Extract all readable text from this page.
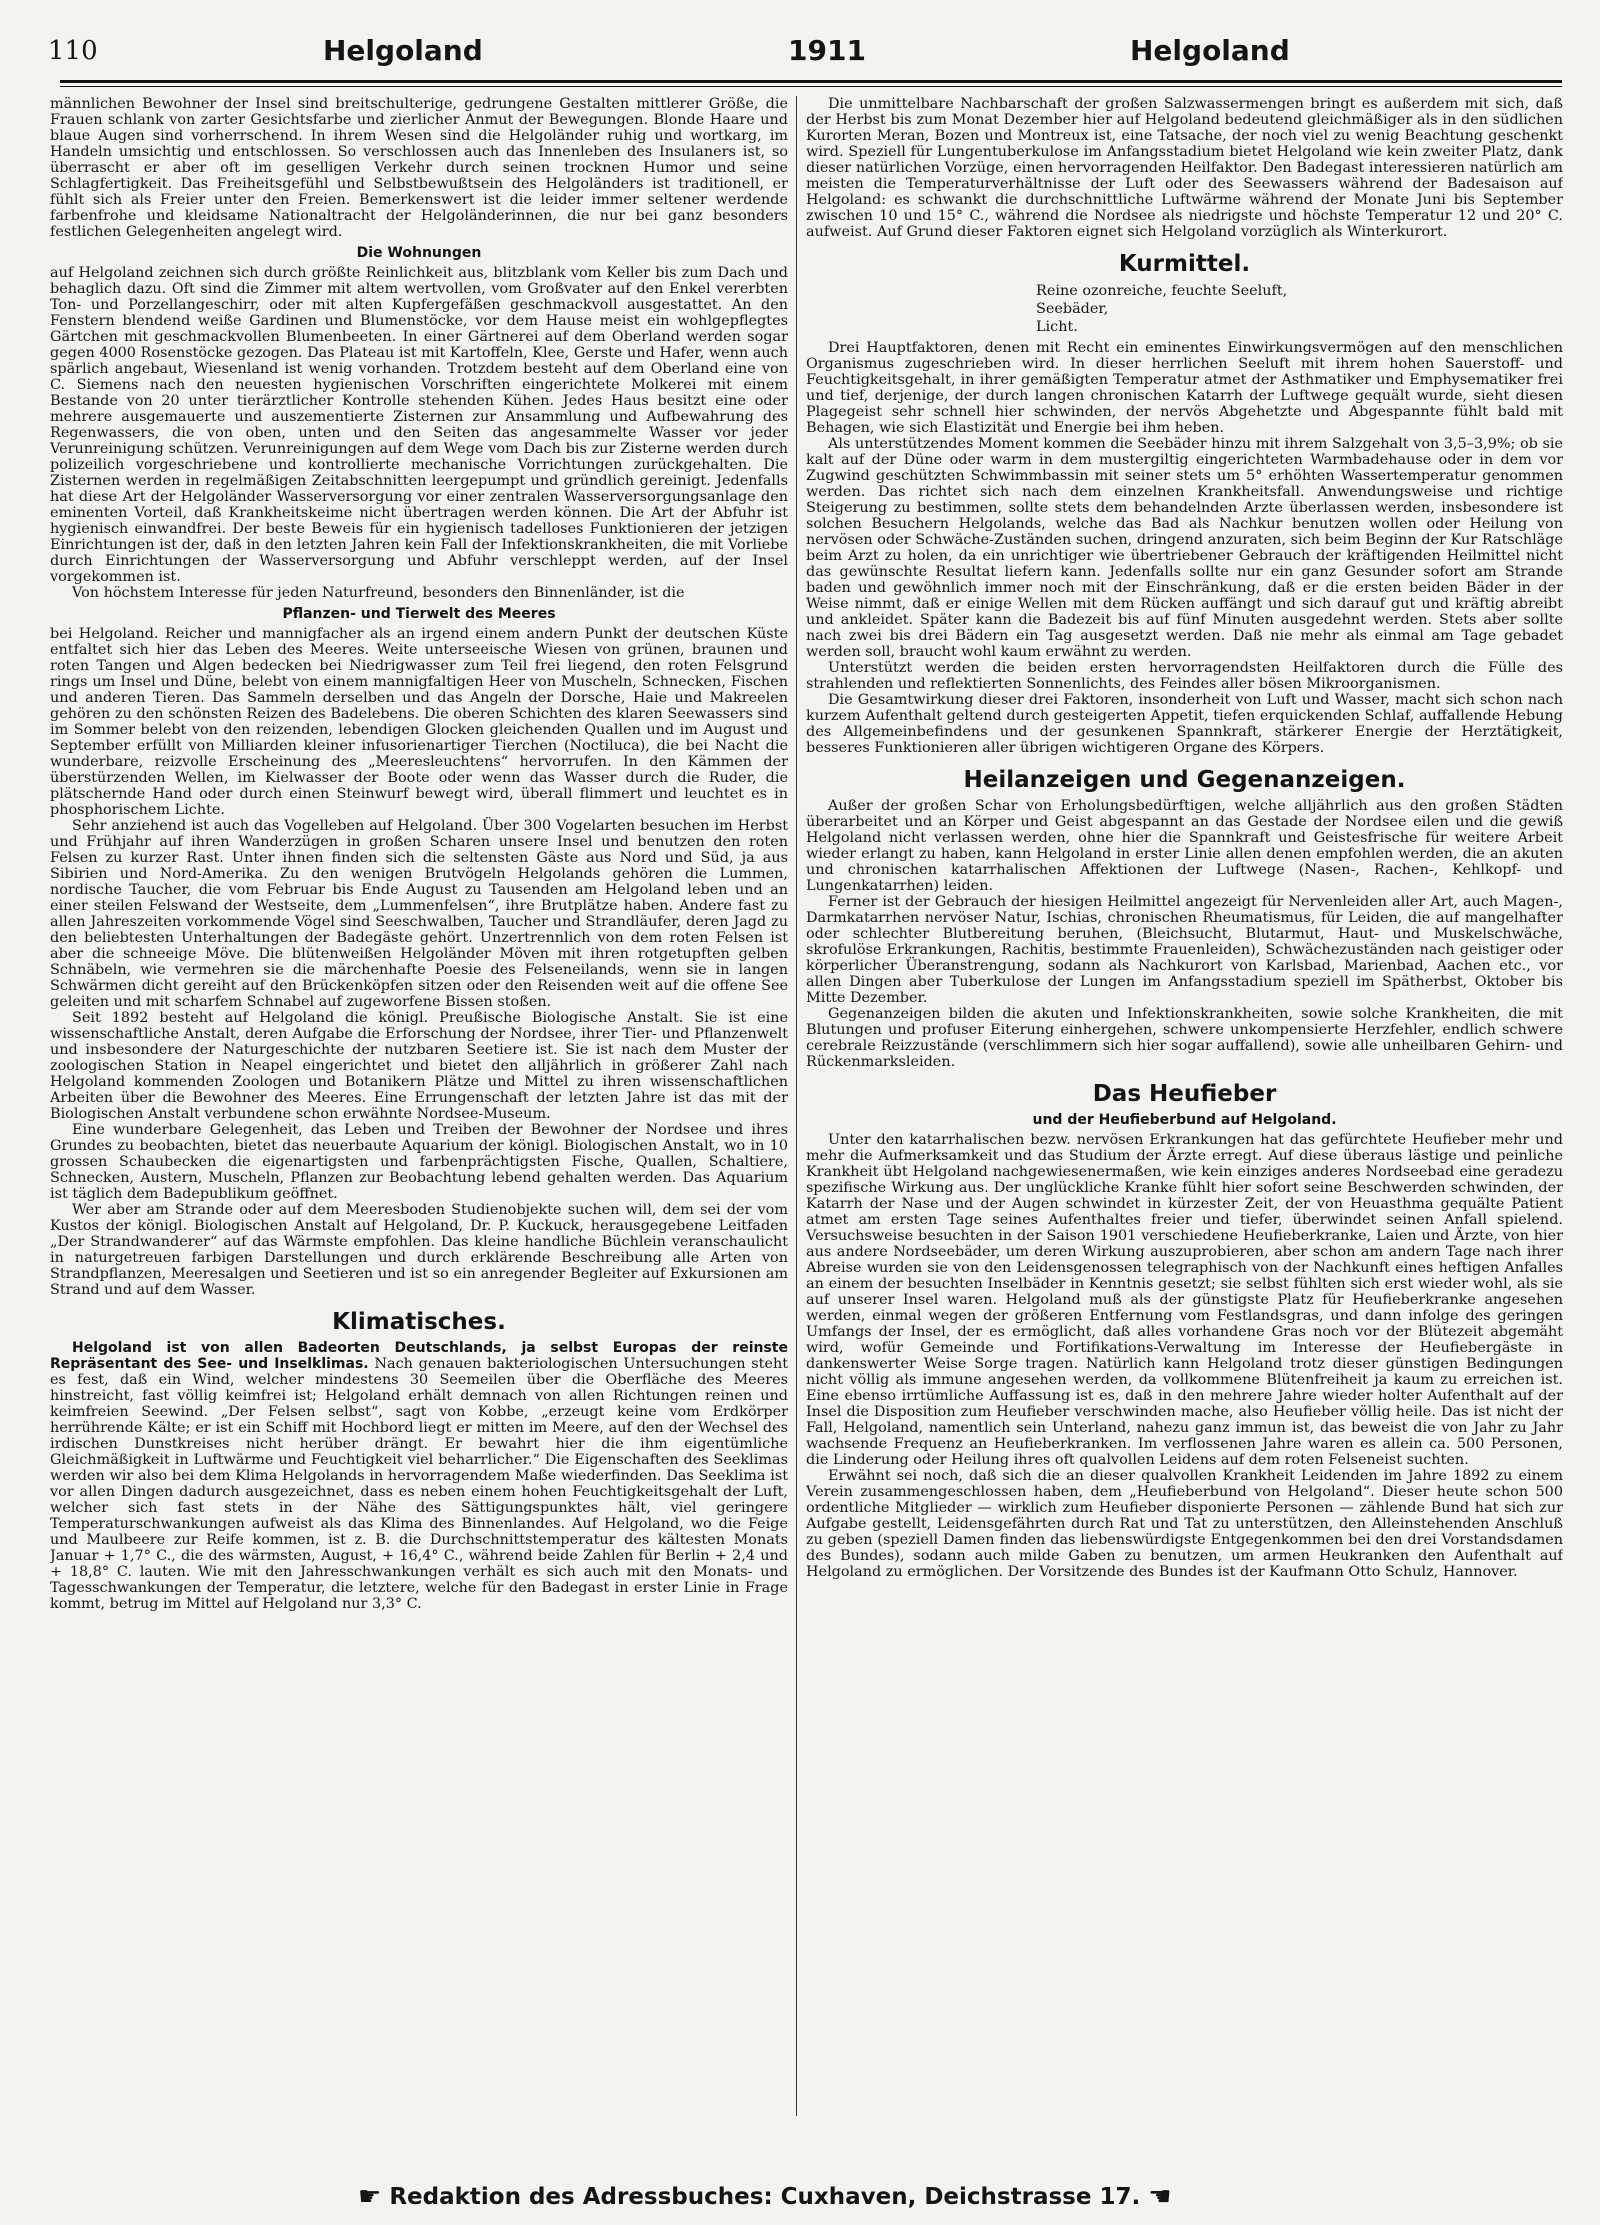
110	Helgoland	1911	Helgoland

männlichen Bewohner der Insel sind breitschulterige, gedrungene Gestalten mittlerer Größe, die Frauen schlank von zarter Gesichtsfarbe und zierlicher Anmut der Bewegungen. Blonde Haare und blaue Augen sind vorherrschend. In ihrem Wesen sind die Helgoländer ruhig und wortkarg, im Handeln umsichtig und entschlossen. So verschlossen auch das Innenleben des Insulaners ist, so überrascht er aber oft im geselligen Verkehr durch seinen trocknen Humor und seine Schlagfertigkeit. Das Freiheitsgefühl und Selbstbewußtsein des Helgoländers ist traditionell, er fühlt sich als Freier unter den Freien. Bemerkenswert ist die leider immer seltener werdende farbenfrohe und kleidsame Nationaltracht der Helgoländerinnen, die nur bei ganz besonders festlichen Gelegenheiten angelegt wird.

Die Wohnungen

auf Helgoland zeichnen sich durch größte Reinlichkeit aus, blitzblank vom Keller bis zum Dach und behaglich dazu. Oft sind die Zimmer mit altem wertvollen, vom Großvater auf den Enkel vererbten Ton- und Porzellangeschirr, oder mit alten Kupfergefäßen geschmackvoll ausgestattet. An den Fenstern blendend weiße Gardinen und Blumenstöcke, vor dem Hause meist ein wohlgepflegtes Gärtchen mit geschmackvollen Blumenbeeten. In einer Gärtnerei auf dem Oberland werden sogar gegen 4000 Rosenstöcke gezogen. Das Plateau ist mit Kartoffeln, Klee, Gerste und Hafer, wenn auch spärlich angebaut, Wiesenland ist wenig vorhanden. Trotzdem besteht auf dem Oberland eine von C. Siemens nach den neuesten hygienischen Vorschriften eingerichtete Molkerei mit einem Bestande von 20 unter tierärztlicher Kontrolle stehenden Kühen. Jedes Haus besitzt eine oder mehrere ausgemauerte und auszementierte Zisternen zur Ansammlung und Aufbewahrung des Regenwassers, die von oben, unten und den Seiten das angesammelte Wasser vor jeder Verunreinigung schützen. Verunreinigungen auf dem Wege vom Dach bis zur Zisterne werden durch polizeilich vorgeschriebene und kontrollierte mechanische Vorrichtungen zurückgehalten. Die Zisternen werden in regelmäßigen Zeitabschnitten leergepumpt und gründlich gereinigt. Jedenfalls hat diese Art der Helgoländer Wasserversorgung vor einer zentralen Wasserversorgungsanlage den eminenten Vorteil, daß Krankheitskeime nicht übertragen werden können. Die Art der Abfuhr ist hygienisch einwandfrei. Der beste Beweis für ein hygienisch tadelloses Funktionieren der jetzigen Einrichtungen ist der, daß in den letzten Jahren kein Fall der Infektionskrankheiten, die mit Vorliebe durch Einrichtungen der Wasserversorgung und Abfuhr verschleppt werden, auf der Insel vorgekommen ist.

Von höchstem Interesse für jeden Naturfreund, besonders den Binnenländer, ist die

Pflanzen- und Tierwelt des Meeres

bei Helgoland. Reicher und mannigfacher als an irgend einem andern Punkt der deutschen Küste entfaltet sich hier das Leben des Meeres. Weite unterseeische Wiesen von grünen, braunen und roten Tangen und Algen bedecken bei Niedrigwasser zum Teil frei liegend, den roten Felsgrund rings um Insel und Düne, belebt von einem mannigfaltigen Heer von Muscheln, Schnecken, Fischen und anderen Tieren. Das Sammeln derselben und das Angeln der Dorsche, Haie und Makreelen gehören zu den schönsten Reizen des Badelebens. Die oberen Schichten des klaren Seewassers sind im Sommer belebt von den reizenden, lebendigen Glocken gleichenden Quallen und im August und September erfüllt von Milliarden kleiner infusorienartiger Tierchen (Noctiluca), die bei Nacht die wunderbare, reizvolle Erscheinung des „Meeresleuchtens“ hervorrufen. In den Kämmen der überstürzenden Wellen, im Kielwasser der Boote oder wenn das Wasser durch die Ruder, die plätschernde Hand oder durch einen Steinwurf bewegt wird, überall flimmert und leuchtet es in phosphorischem Lichte.

Sehr anziehend ist auch das Vogelleben auf Helgoland. Über 300 Vogelarten besuchen im Herbst und Frühjahr auf ihren Wanderzügen in großen Scharen unsere Insel und benutzen den roten Felsen zu kurzer Rast. Unter ihnen finden sich die seltensten Gäste aus Nord und Süd, ja aus Sibirien und Nord-Amerika. Zu den wenigen Brutvögeln Helgolands gehören die Lummen, nordische Taucher, die vom Februar bis Ende August zu Tausenden am Helgoland leben und an einer steilen Felswand der Westseite, dem „Lummenfelsen“, ihre Brutplätze haben. Andere fast zu allen Jahreszeiten vorkommende Vögel sind Seeschwalben, Taucher und Strandläufer, deren Jagd zu den beliebtesten Unterhaltungen der Badegäste gehört. Unzertrennlich von dem roten Felsen ist aber die schneeige Möve. Die blütenweißen Helgoländer Möven mit ihren rotgetupften gelben Schnäbeln, wie vermehren sie die märchenhafte Poesie des Felseneilands, wenn sie in langen Schwärmen dicht gereiht auf den Brückenköpfen sitzen oder den Reisenden weit auf die offene See geleiten und mit scharfem Schnabel auf zugeworfene Bissen stoßen.

Seit 1892 besteht auf Helgoland die königl. Preußische Biologische Anstalt. Sie ist eine wissenschaftliche Anstalt, deren Aufgabe die Erforschung der Nordsee, ihrer Tier- und Pflanzenwelt und insbesondere der Naturgeschichte der nutzbaren Seetiere ist. Sie ist nach dem Muster der zoologischen Station in Neapel eingerichtet und bietet den alljährlich in größerer Zahl nach Helgoland kommenden Zoologen und Botanikern Plätze und Mittel zu ihren wissenschaftlichen Arbeiten über die Bewohner des Meeres. Eine Errungenschaft der letzten Jahre ist das mit der Biologischen Anstalt verbundene schon erwähnte Nordsee-Museum.

Eine wunderbare Gelegenheit, das Leben und Treiben der Bewohner der Nordsee und ihres Grundes zu beobachten, bietet das neuerbaute Aquarium der königl. Biologischen Anstalt, wo in 10 grossen Schaubecken die eigenartigsten und farbenprächtigsten Fische, Quallen, Schaltiere, Schnecken, Austern, Muscheln, Pflanzen zur Beobachtung lebend gehalten werden. Das Aquarium ist täglich dem Badepublikum geöffnet.

Wer aber am Strande oder auf dem Meeresboden Studienobjekte suchen will, dem sei der vom Kustos der königl. Biologischen Anstalt auf Helgoland, Dr. P. Kuckuck, herausgegebene Leitfaden „Der Strandwanderer“ auf das Wärmste empfohlen. Das kleine handliche Büchlein veranschaulicht in naturgetreuen farbigen Darstellungen und durch erklärende Beschreibung alle Arten von Strandpflanzen, Meeresalgen und Seetieren und ist so ein anregender Begleiter auf Exkursionen am Strand und auf dem Wasser.

Klimatisches.

Helgoland ist von allen Badeorten Deutschlands, ja selbst Europas der reinste Repräsentant des See- und Inselklimas. Nach genauen bakteriologischen Untersuchungen steht es fest, daß ein Wind, welcher mindestens 30 Seemeilen über die Oberfläche des Meeres hinstreicht, fast völlig keimfrei ist; Helgoland erhält demnach von allen Richtungen reinen und keimfreien Seewind. „Der Felsen selbst“, sagt von Kobbe, „erzeugt keine vom Erdkörper herrührende Kälte; er ist ein Schiff mit Hochbord liegt er mitten im Meere, auf den der Wechsel des irdischen Dunstkreises nicht herüber drängt. Er bewahrt hier die ihm eigentümliche Gleichmäßigkeit in Luftwärme und Feuchtigkeit viel beharrlicher.“ Die Eigenschaften des Seeklimas werden wir also bei dem Klima Helgolands in hervorragendem Maße wiederfinden. Das Seeklima ist vor allen Dingen dadurch ausgezeichnet, dass es neben einem hohen Feuchtigkeitsgehalt der Luft, welcher sich fast stets in der Nähe des Sättigungspunktes hält, viel geringere Temperaturschwankungen aufweist als das Klima des Binnenlandes. Auf Helgoland, wo die Feige und Maulbeere zur Reife kommen, ist z. B. die Durchschnittstemperatur des kältesten Monats Januar + 1,7° C., die des wärmsten, August, + 16,4° C., während beide Zahlen für Berlin + 2,4 und + 18,8° C. lauten. Wie mit den Jahresschwankungen verhält es sich auch mit den Monats- und Tagesschwankungen der Temperatur, die letztere, welche für den Badegast in erster Linie in Frage kommt, betrug im Mittel auf Helgoland nur 3,3° C.

Die unmittelbare Nachbarschaft der großen Salzwassermengen bringt es außerdem mit sich, daß der Herbst bis zum Monat Dezember hier auf Helgoland bedeutend gleichmäßiger als in den südlichen Kurorten Meran, Bozen und Montreux ist, eine Tatsache, der noch viel zu wenig Beachtung geschenkt wird. Speziell für Lungentuberkulose im Anfangsstadium bietet Helgoland wie kein zweiter Platz, dank dieser natürlichen Vorzüge, einen hervorragenden Heilfaktor. Den Badegast interessieren natürlich am meisten die Temperaturverhältnisse der Luft oder des Seewassers während der Badesaison auf Helgoland: es schwankt die durchschnittliche Luftwärme während der Monate Juni bis September zwischen 10 und 15° C., während die Nordsee als niedrigste und höchste Temperatur 12 und 20° C. aufweist. Auf Grund dieser Faktoren eignet sich Helgoland vorzüglich als Winterkurort.

Kurmittel.
Reine ozonreiche, feuchte Seeluft,
Seebäder,
Licht.

Drei Hauptfaktoren, denen mit Recht ein eminentes Einwirkungsvermögen auf den menschlichen Organismus zugeschrieben wird. In dieser herrlichen Seeluft mit ihrem hohen Sauerstoff- und Feuchtigkeitsgehalt, in ihrer gemäßigten Temperatur atmet der Asthmatiker und Emphysematiker frei und tief, derjenige, der durch langen chronischen Katarrh der Luftwege gequält wurde, sieht diesen Plagegeist sehr schnell hier schwinden, der nervös Abgehetzte und Abgespannte fühlt bald mit Behagen, wie sich Elastizität und Energie bei ihm heben.

Als unterstützendes Moment kommen die Seebäder hinzu mit ihrem Salzgehalt von 3,5–3,9%; ob sie kalt auf der Düne oder warm in dem mustergiltig eingerichteten Warmbadehause oder in dem vor Zugwind geschützten Schwimmbassin mit seiner stets um 5° erhöhten Wassertemperatur genommen werden. Das richtet sich nach dem einzelnen Krankheitsfall. Anwendungsweise und richtige Steigerung zu bestimmen, sollte stets dem behandelnden Arzte überlassen werden, insbesondere ist solchen Besuchern Helgolands, welche das Bad als Nachkur benutzen wollen oder Heilung von nervösen oder Schwäche-Zuständen suchen, dringend anzuraten, sich beim Beginn der Kur Ratschläge beim Arzt zu holen, da ein unrichtiger wie übertriebener Gebrauch der kräftigenden Heilmittel nicht das gewünschte Resultat liefern kann. Jedenfalls sollte nur ein ganz Gesunder sofort am Strande baden und gewöhnlich immer noch mit der Einschränkung, daß er die ersten beiden Bäder in der Weise nimmt, daß er einige Wellen mit dem Rücken auffängt und sich darauf gut und kräftig abreibt und ankleidet. Später kann die Badezeit bis auf fünf Minuten ausgedehnt werden. Stets aber sollte nach zwei bis drei Bädern ein Tag ausgesetzt werden. Daß nie mehr als einmal am Tage gebadet werden soll, braucht wohl kaum erwähnt zu werden.

Unterstützt werden die beiden ersten hervorragendsten Heilfaktoren durch die Fülle des strahlenden und reflektierten Sonnenlichts, des Feindes aller bösen Mikroorganismen.

Die Gesamtwirkung dieser drei Faktoren, insonderheit von Luft und Wasser, macht sich schon nach kurzem Aufenthalt geltend durch gesteigerten Appetit, tiefen erquickenden Schlaf, auffallende Hebung des Allgemeinbefindens und der gesunkenen Spannkraft, stärkerer Energie der Herztätigkeit, besseres Funktionieren aller übrigen wichtigeren Organe des Körpers.

Heilanzeigen und Gegenanzeigen.

Außer der großen Schar von Erholungsbedürftigen, welche alljährlich aus den großen Städten überarbeitet und an Körper und Geist abgespannt an das Gestade der Nordsee eilen und die gewiß Helgoland nicht verlassen werden, ohne hier die Spannkraft und Geistesfrische für weitere Arbeit wieder erlangt zu haben, kann Helgoland in erster Linie allen denen empfohlen werden, die an akuten und chronischen katarrhalischen Affektionen der Luftwege (Nasen-, Rachen-, Kehlkopf- und Lungenkatarrhen) leiden.

Ferner ist der Gebrauch der hiesigen Heilmittel angezeigt für Nervenleiden aller Art, auch Magen-, Darmkatarrhen nervöser Natur, Ischias, chronischen Rheumatismus, für Leiden, die auf mangelhafter oder schlechter Blutbereitung beruhen, (Bleichsucht, Blutarmut, Haut- und Muskelschwäche, skrofulöse Erkrankungen, Rachitis, bestimmte Frauenleiden), Schwächezuständen nach geistiger oder körperlicher Überanstrengung, sodann als Nachkurort von Karlsbad, Marienbad, Aachen etc., vor allen Dingen aber Tuberkulose der Lungen im Anfangsstadium speziell im Spätherbst, Oktober bis Mitte Dezember.

Gegenanzeigen bilden die akuten und Infektionskrankheiten, sowie solche Krankheiten, die mit Blutungen und profuser Eiterung einhergehen, schwere unkompensierte Herzfehler, endlich schwere cerebrale Reizzustände (verschlimmern sich hier sogar auffallend), sowie alle unheilbaren Gehirn- und Rückenmarksleiden.

Das Heufieber
und der Heufieberbund auf Helgoland.

Unter den katarrhalischen bezw. nervösen Erkrankungen hat das gefürchtete Heufieber mehr und mehr die Aufmerksamkeit und das Studium der Ärzte erregt. Auf diese überaus lästige und peinliche Krankheit übt Helgoland nachgewiesenermaßen, wie kein einziges anderes Nordseebad eine geradezu spezifische Wirkung aus. Der unglückliche Kranke fühlt hier sofort seine Beschwerden schwinden, der Katarrh der Nase und der Augen schwindet in kürzester Zeit, der von Heuasthma gequälte Patient atmet am ersten Tage seines Aufenthaltes freier und tiefer, überwindet seinen Anfall spielend. Versuchsweise besuchten in der Saison 1901 verschiedene Heufieberkranke, Laien und Ärzte, von hier aus andere Nordseebäder, um deren Wirkung auszuprobieren, aber schon am andern Tage nach ihrer Abreise wurden sie von den Leidensgenossen telegraphisch von der Nachkunft eines heftigen Anfalles an einem der besuchten Inselbäder in Kenntnis gesetzt; sie selbst fühlten sich erst wieder wohl, als sie auf unserer Insel waren. Helgoland muß als der günstigste Platz für Heufieberkranke angesehen werden, einmal wegen der größeren Entfernung vom Festlandsgras, und dann infolge des geringen Umfangs der Insel, der es ermöglicht, daß alles vorhandene Gras noch vor der Blütezeit abgemäht wird, wofür Gemeinde und Fortifikations-Verwaltung im Interesse der Heufiebergäste in dankenswerter Weise Sorge tragen. Natürlich kann Helgoland trotz dieser günstigen Bedingungen nicht völlig als immune angesehen werden, da vollkommene Blütenfreiheit ja kaum zu erreichen ist. Eine ebenso irrtümliche Auffassung ist es, daß in den mehrere Jahre wieder holter Aufenthalt auf der Insel die Disposition zum Heufieber verschwinden mache, also Heufieber völlig heile. Das ist nicht der Fall, Helgoland, namentlich sein Unterland, nahezu ganz immun ist, das beweist die von Jahr zu Jahr wachsende Frequenz an Heufieberkranken. Im verflossenen Jahre waren es allein ca. 500 Personen, die Linderung oder Heilung ihres oft qualvollen Leidens auf dem roten Felseneist suchten.

Erwähnt sei noch, daß sich die an dieser qualvollen Krankheit Leidenden im Jahre 1892 zu einem Verein zusammengeschlossen haben, dem „Heufieberbund von Helgoland“. Dieser heute schon 500 ordentliche Mitglieder — wirklich zum Heufieber disponierte Personen — zählende Bund hat sich zur Aufgabe gestellt, Leidensgefährten durch Rat und Tat zu unterstützen, den Alleinstehenden Anschluß zu geben (speziell Damen finden das liebenswürdigste Entgegenkommen bei den drei Vorstandsdamen des Bundes), sodann auch milde Gaben zu benutzen, um armen Heukranken den Aufenthalt auf Helgoland zu ermöglichen. Der Vorsitzende des Bundes ist der Kaufmann Otto Schulz, Hannover.

☛ Redaktion des Adressbuches: Cuxhaven, Deichstrasse 17. ☚
